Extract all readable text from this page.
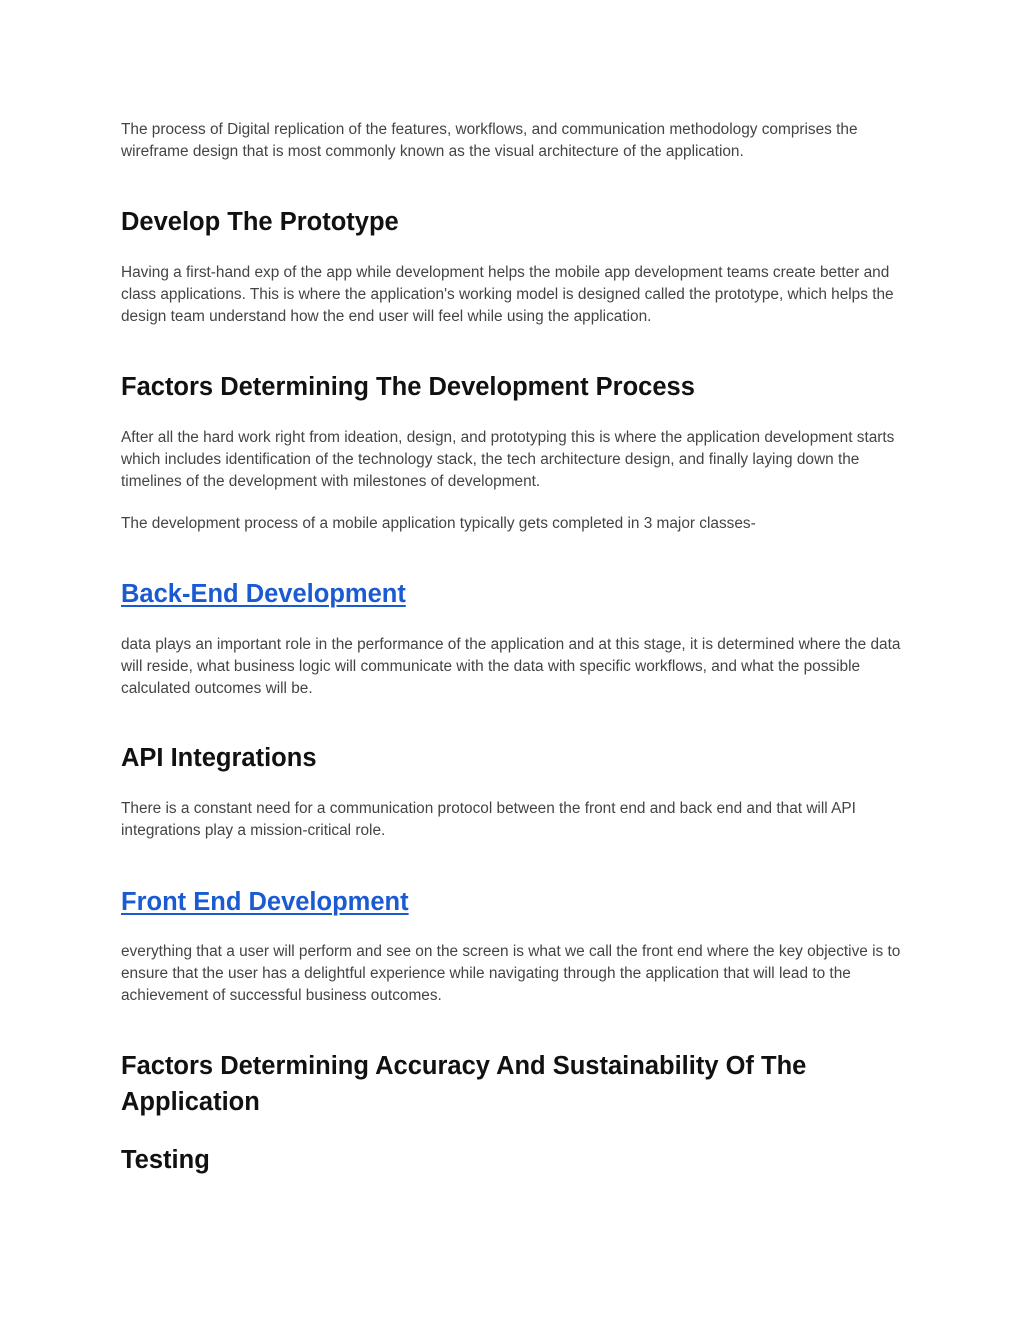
The process of Digital replication of the features, workflows, and communication methodology comprises the wireframe design that is most commonly known as the visual architecture of the application.

Develop The Prototype

Having a first-hand exp of the app while development helps the mobile app development teams create better and class applications. This is where the application's working model is designed called the prototype, which helps the design team understand how the end user will feel while using the application.

Factors Determining The Development Process

After all the hard work right from ideation, design, and prototyping this is where the application development starts which includes identification of the technology stack, the tech architecture design, and finally laying down the timelines of the development with milestones of development.

The development process of a mobile application typically gets completed in 3 major classes-

Back-End Development

data plays an important role in the performance of the application and at this stage, it is determined where the data will reside, what business logic will communicate with the data with specific workflows, and what the possible calculated outcomes will be.

API Integrations

There is a constant need for a communication protocol between the front end and back end and that will API integrations play a mission-critical role.

Front End Development

everything that a user will perform and see on the screen is what we call the front end where the key objective is to ensure that the user has a delightful experience while navigating through the application that will lead to the achievement of successful business outcomes.

Factors Determining Accuracy And Sustainability Of The Application
Testing
